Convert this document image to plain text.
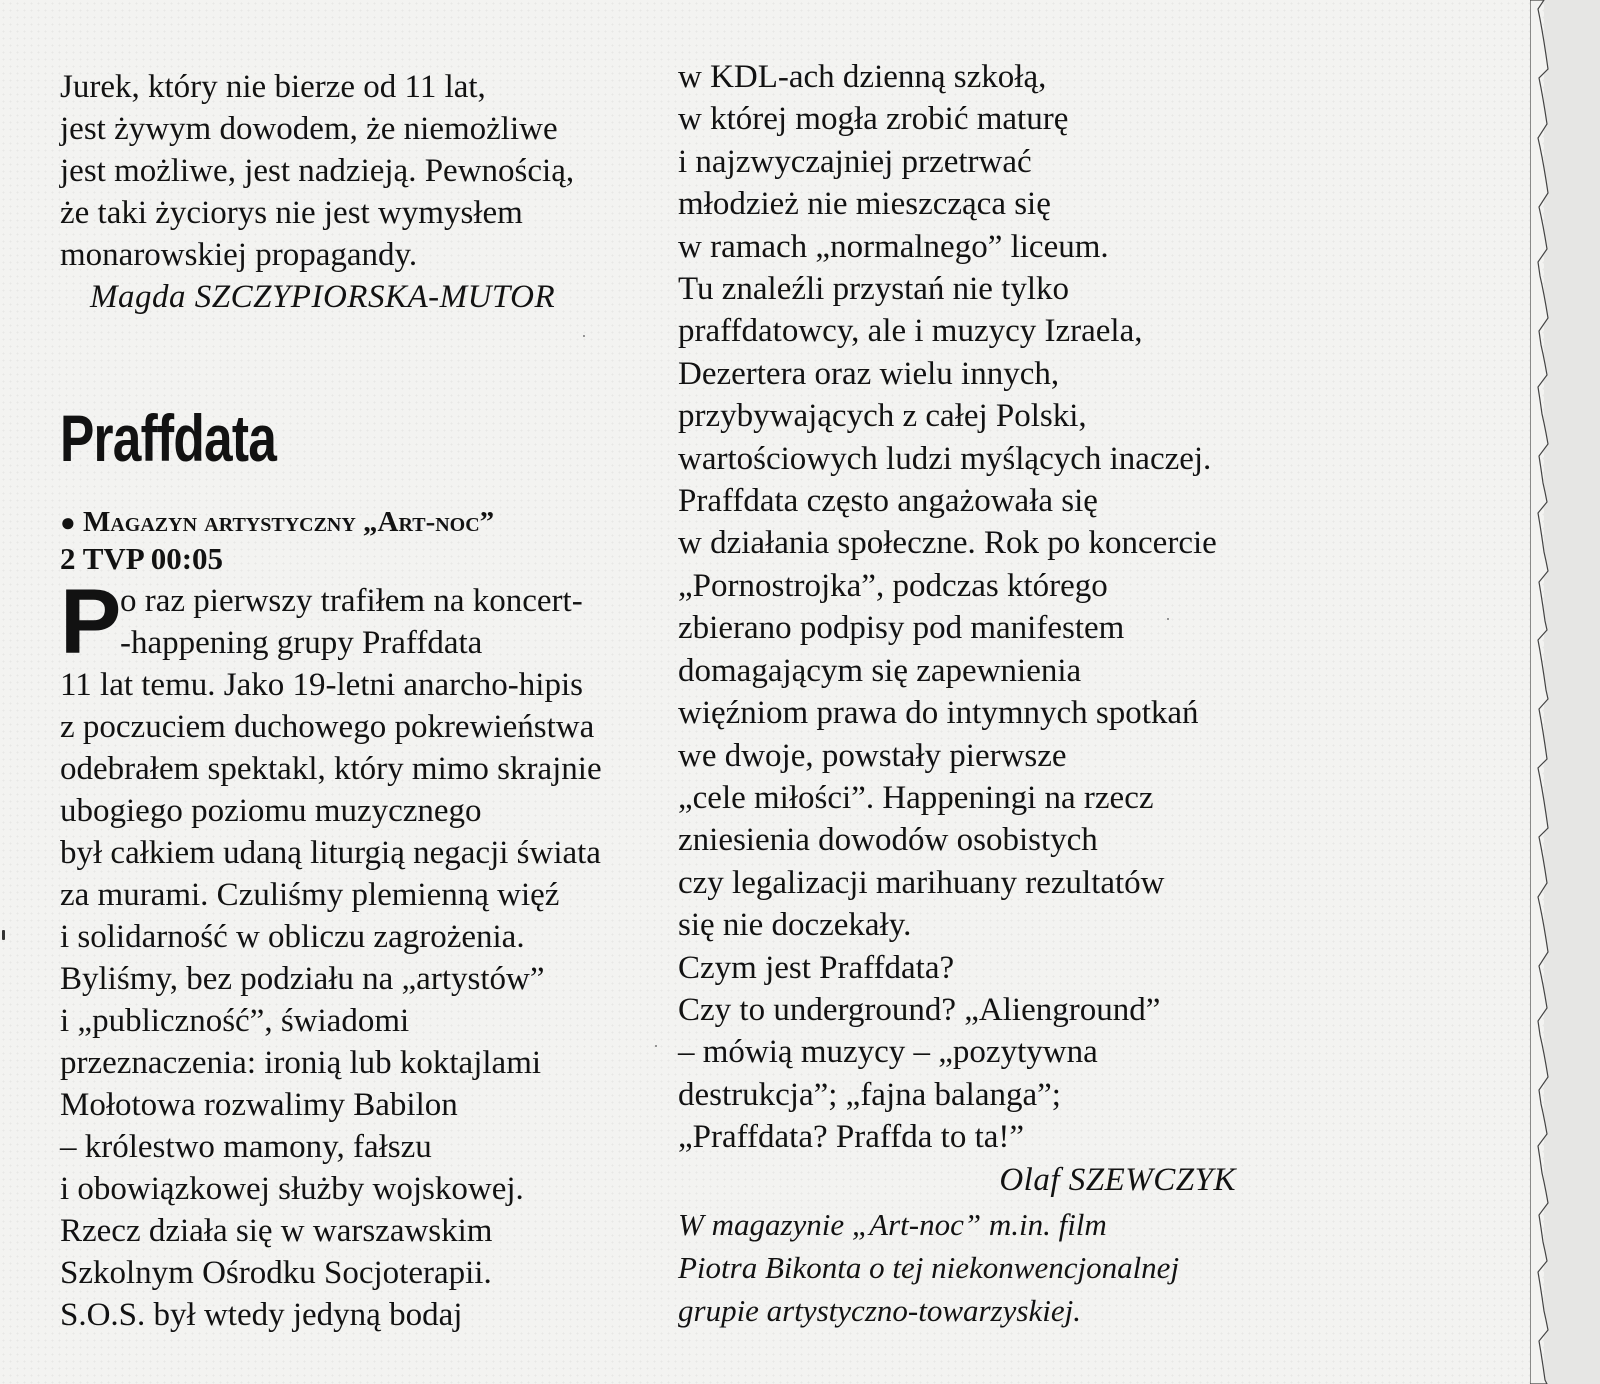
Jurek, który nie bierze od 11 lat,
jest żywym dowodem, że niemożliwe
jest możliwe, jest nadzieją. Pewnością,
że taki życiorys nie jest wymysłem
monarowskiej propagandy.
Magda SZCZYPIORSKA-MUTOR
Praffdata
● Magazyn artystyczny „Art-noc”
2 TVP 00:05
P
o raz pierwszy trafiłem na koncert-
-happening grupy Praffdata
11 lat temu. Jako 19-letni anarcho-hipis
z poczuciem duchowego pokrewieństwa
odebrałem spektakl, który mimo skrajnie
ubogiego poziomu muzycznego
był całkiem udaną liturgią negacji świata
za murami. Czuliśmy plemienną więź
i solidarność w obliczu zagrożenia.
Byliśmy, bez podziału na „artystów”
i „publiczność”, świadomi
przeznaczenia: ironią lub koktajlami
Mołotowa rozwalimy Babilon
– królestwo mamony, fałszu
i obowiązkowej służby wojskowej.
Rzecz działa się w warszawskim
Szkolnym Ośrodku Socjoterapii.
S.O.S. był wtedy jedyną bodaj
w KDL-ach dzienną szkołą,
w której mogła zrobić maturę
i najzwyczajniej przetrwać
młodzież nie mieszcząca się
w ramach „normalnego” liceum.
Tu znaleźli przystań nie tylko
praffdatowcy, ale i muzycy Izraela,
Dezertera oraz wielu innych,
przybywających z całej Polski,
wartościowych ludzi myślących inaczej.
Praffdata często angażowała się
w działania społeczne. Rok po koncercie
„Pornostrojka”, podczas którego
zbierano podpisy pod manifestem
domagającym się zapewnienia
więźniom prawa do intymnych spotkań
we dwoje, powstały pierwsze
„cele miłości”. Happeningi na rzecz
zniesienia dowodów osobistych
czy legalizacji marihuany rezultatów
się nie doczekały.
Czym jest Praffdata?
Czy to underground? „Alienground”
– mówią muzycy – „pozytywna
destrukcja”; „fajna balanga”;
„Praffdata? Praffda to ta!”
Olaf SZEWCZYK
W magazynie „Art-noc” m.in. film
Piotra Bikonta o tej niekonwencjonalnej
grupie artystyczno-towarzyskiej.
